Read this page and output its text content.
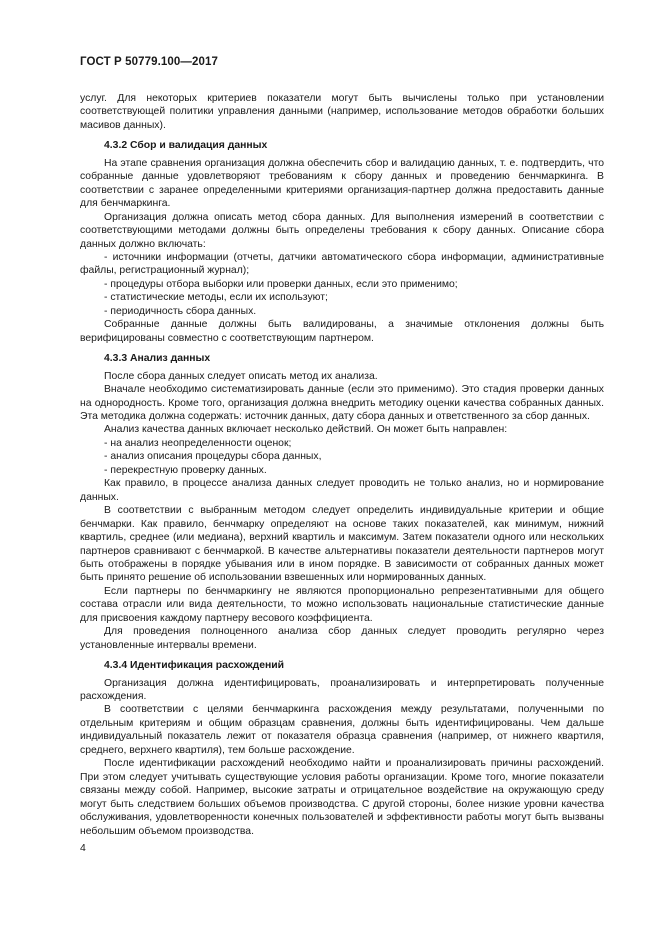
ГОСТ Р 50779.100—2017

услуг. Для некоторых критериев показатели могут быть вычислены только при установлении соответствующей политики управления данными (например, использование методов обработки больших масивов данных).

4.3.2 Сбор и валидация данных

На этапе сравнения организация должна обеспечить сбор и валидацию данных, т. е. подтвердить, что собранные данные удовлетворяют требованиям к сбору данных и проведению бенчмаркинга. В соответствии с заранее определенными критериями организация-партнер должна предоставить данные для бенчмаркинга.

Организация должна описать метод сбора данных. Для выполнения измерений в соответствии с соответствующими методами должны быть определены требования к сбору данных. Описание сбора данных должно включать:

- источники информации (отчеты, датчики автоматического сбора информации, административные файлы, регистрационный журнал);

- процедуры отбора выборки или проверки данных, если это применимо;

- статистические методы, если их используют;

- периодичность сбора данных.

Собранные данные должны быть валидированы, а значимые отклонения должны быть верифицированы совместно с соответствующим партнером.

4.3.3 Анализ данных

После сбора данных следует описать метод их анализа.

Вначале необходимо систематизировать данные (если это применимо). Это стадия проверки данных на однородность. Кроме того, организация должна внедрить методику оценки качества собранных данных. Эта методика должна содержать: источник данных, дату сбора данных и ответственного за сбор данных.

Анализ качества данных включает несколько действий. Он может быть направлен:

- на анализ неопределенности оценок;

- анализ описания процедуры сбора данных,

- перекрестную проверку данных.

Как правило, в процессе анализа данных следует проводить не только анализ, но и нормирование данных.

В соответствии с выбранным методом следует определить индивидуальные критерии и общие бенчмарки. Как правило, бенчмарку определяют на основе таких показателей, как минимум, нижний квартиль, среднее (или медиана), верхний квартиль и максимум. Затем показатели одного или нескольких партнеров сравнивают с бенчмаркой. В качестве альтернативы показатели деятельности партнеров могут быть отображены в порядке убывания или в ином порядке. В зависимости от собранных данных может быть принято решение об использовании взвешенных или нормированных данных.

Если партнеры по бенчмаркингу не являются пропорционально репрезентативными для общего состава отрасли или вида деятельности, то можно использовать национальные статистические данные для присвоения каждому партнеру весового коэффициента.

Для проведения полноценного анализа сбор данных следует проводить регулярно через установленные интервалы времени.

4.3.4 Идентификация расхождений

Организация должна идентифицировать, проанализировать и интерпретировать полученные расхождения.

В соответствии с целями бенчмаркинга расхождения между результатами, полученными по отдельным критериям и общим образцам сравнения, должны быть идентифицированы. Чем дальше индивидуальный показатель лежит от показателя образца сравнения (например, от нижнего квартиля, среднего, верхнего квартиля), тем больше расхождение.

После идентификации расхождений необходимо найти и проанализировать причины расхождений. При этом следует учитывать существующие условия работы организации. Кроме того, многие показатели связаны между собой. Например, высокие затраты и отрицательное воздействие на окружающую среду могут быть следствием больших объемов производства. С другой стороны, более низкие уровни качества обслуживания, удовлетворенности конечных пользователей и эффективности работы могут быть вызваны небольшим объемом производства.

4
